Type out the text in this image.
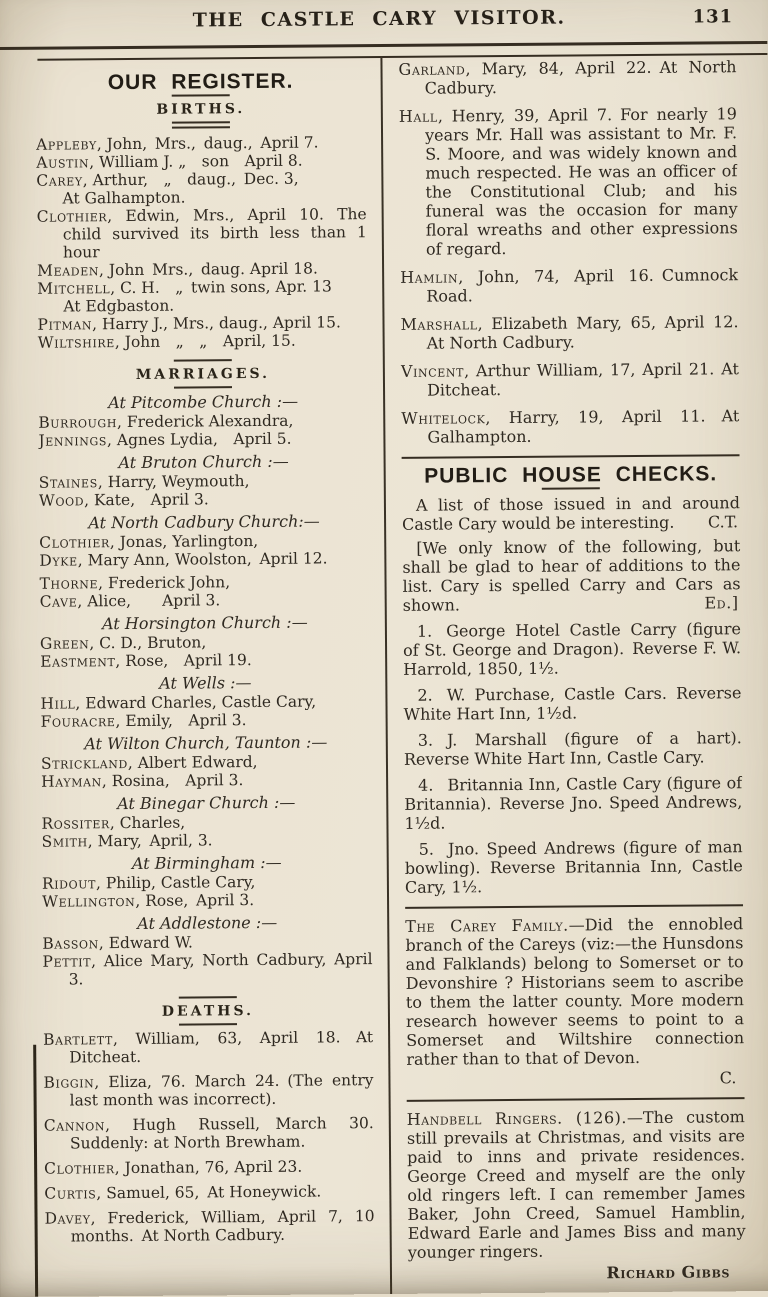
THE CASTLE CARY VISITOR.	131
OUR REGISTER.
BIRTHS.

Appleby, John, Mrs., daug., April 7.

Austin, William J. „ son April 8.

Carey, Arthur, „ daug., Dec. 3,
At Galhampton.

Clothier, Edwin, Mrs., April 10. The child survived its birth less than 1 hour

Meaden, John Mrs., daug. April 18.

Mitchell, C. H. „ twin sons, Apr. 13
At Edgbaston.

Pitman, Harry J., Mrs., daug., April 15.

Wiltshire, John „ „ April, 15.

MARRIAGES.

At Pitcombe Church :—

Burrough, Frederick Alexandra,

Jennings, Agnes Lydia, April 5.

At Bruton Church :—

Staines, Harry, Weymouth,

Wood, Kate, April 3.

At North Cadbury Church:—

Clothier, Jonas, Yarlington,

Dyke, Mary Ann, Woolston, April 12.

Thorne, Frederick John,

Cave, Alice,  April 3.

At Horsington Church :—

Green, C. D., Bruton,

Eastment, Rose, April 19.

At Wells :—

Hill, Edward Charles, Castle Cary,

Fouracre, Emily, April 3.

At Wilton Church, Taunton :—

Strickland, Albert Edward,

Hayman, Rosina, April 3.

At Binegar Church :—

Rossiter, Charles,

Smith, Mary, April, 3.

At Birmingham :—

Ridout, Philip, Castle Cary,

Wellington, Rose, April 3.

At Addlestone :—

Basson, Edward W.

Pettit, Alice Mary, North Cadbury, April 3.

DEATHS.

Bartlett, William, 63, April 18. At Ditcheat.

Biggin, Eliza, 76. March 24. (The entry last month was incorrect).

Cannon, Hugh Russell, March 30. Suddenly: at North Brewham.

Clothier, Jonathan, 76, April 23.

Curtis, Samuel, 65, At Honeywick.

Davey, Frederick, William, April 7, 10 months. At North Cadbury.

Garland, Mary, 84, April 22. At North Cadbury.

Hall, Henry, 39, April 7. For nearly 19 years Mr. Hall was assistant to Mr. F. S. Moore, and was widely known and much respected. He was an officer of the Constitutional Club; and his funeral was the occasion for many floral wreaths and other expressions of regard.

Hamlin, John, 74, April 16. Cumnock Road.

Marshall, Elizabeth Mary, 65, April 12. At North Cadbury.

Vincent, Arthur William, 17, April 21. At Ditcheat.

Whitelock, Harry, 19, April 11. At Galhampton.

PUBLIC HOUSE CHECKS.

A list of those issued in and around Castle Cary would be interesting.	C.T.

[We only know of the following, but shall be glad to hear of additions to the list. Cary is spelled Carry and Cars as shown.	Ed.]

1. George Hotel Castle Carry (figure of St. George and Dragon). Reverse F. W. Harrold, 1850, 1½.

2. W. Purchase, Castle Cars. Reverse White Hart Inn, 1½d.

3. J. Marshall (figure of a hart). Reverse White Hart Inn, Castle Cary.

4. Britannia Inn, Castle Cary (figure of Britannia). Reverse Jno. Speed Andrews, 1½d.

5. Jno. Speed Andrews (figure of man bowling). Reverse Britannia Inn, Castle Cary, 1½.

The Carey Family.—Did the ennobled branch of the Careys (viz:—the Hunsdons and Falklands) belong to Somerset or to Devonshire ? Historians seem to ascribe to them the latter county. More modern research however seems to point to a Somerset and Wiltshire connection rather than to that of Devon.

C.

Handbell Ringers. (126).—The custom still prevails at Christmas, and visits are paid to inns and private residences. George Creed and myself are the only old ringers left. I can remember James Baker, John Creed, Samuel Hamblin, Edward Earle and James Biss and many younger ringers.

Richard Gibbs
